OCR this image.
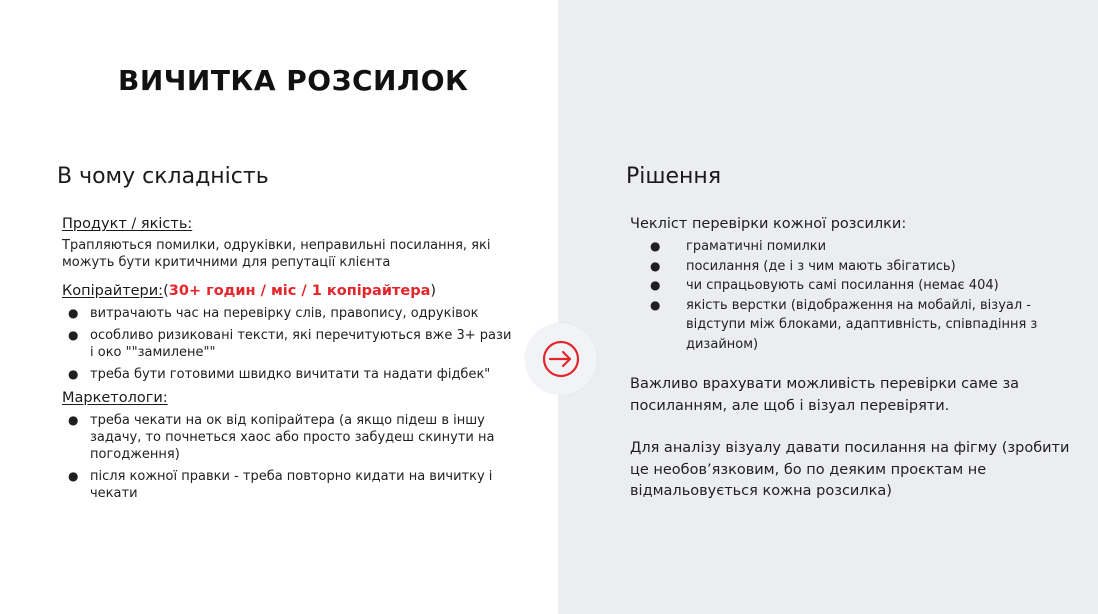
ВИЧИТКА РОЗСИЛОК
В чому складність	Рішення

Продукт / якість:

Трапляються помилки, одруківки, неправильні посилання, які можуть бути критичними для репутації клієнта

Копірайтери:(30+ годин / міс / 1 копірайтера)

● витрачають час на перевірку слів, правопису, одруківок
● особливо ризиковані тексти, які перечитуються вже 3+ рази і око ""замилене""
● треба бути готовими швидко вичитати та надати фідбек"

Маркетологи:

● треба чекати на ок від копірайтера (а якщо підеш в іншу задачу, то почнеться хаос або просто забудеш скинути на погодження)
● після кожної правки - треба повторно кидати на вичитку і чекати

Чекліст перевірки кожної розсилки:

● граматичні помилки
● посилання (де і з чим мають збігатись)
● чи спрацьовують самі посилання (немає 404)
● якість верстки (відображення на мобайлі, візуал - відступи між блоками, адаптивність, співпадіння з дизайном)

Важливо врахувати можливість перевірки саме за посиланням, але щоб і візуал перевіряти.

Для аналізу візуалу давати посилання на фігму (зробити це необов’язковим, бо по деяким проєктам не відмальовується кожна розсилка)
